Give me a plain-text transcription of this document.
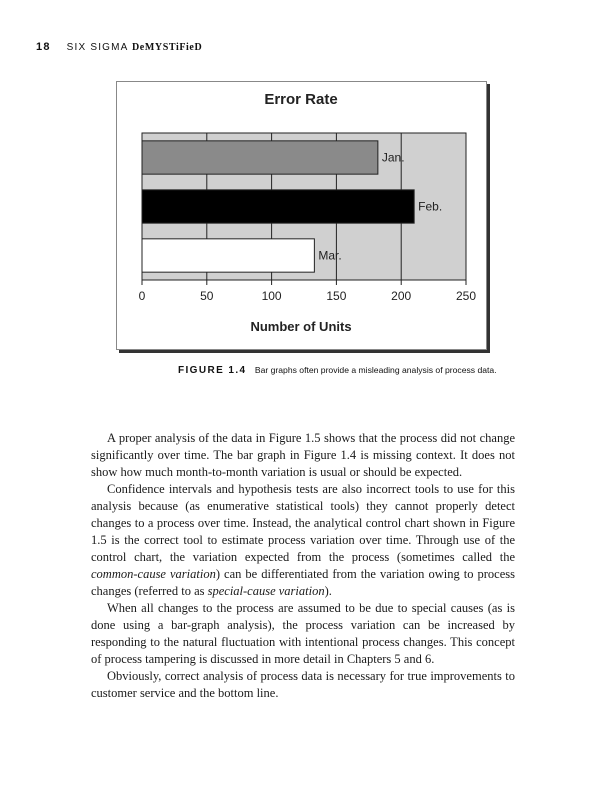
18 SIX SIGMA DeMYSTiFieD
Error Rate
Jan.
Feb.
Mar.
0	50	100	150	200	250
Number of Units
FIGURE 1.4 Bar graphs often provide a misleading analysis of process data.

A proper analysis of the data in Figure 1.5 shows that the process did not change significantly over time. The bar graph in Figure 1.4 is missing context. It does not show how much month-to-month variation is usual or should be expected.

Confidence intervals and hypothesis tests are also incorrect tools to use for this analysis because (as enumerative statistical tools) they cannot properly detect changes to a process over time. Instead, the analytical control chart shown in Figure 1.5 is the correct tool to estimate process variation over time. Through use of the control chart, the variation expected from the process (sometimes called the common-cause variation) can be differentiated from the variation owing to process changes (referred to as special-cause variation).

When all changes to the process are assumed to be due to special causes (as is done using a bar-graph analysis), the process variation can be increased by responding to the natural fluctuation with intentional process changes. This concept of process tampering is discussed in more detail in Chapters 5 and 6.

Obviously, correct analysis of process data is necessary for true improvements to customer service and the bottom line.
